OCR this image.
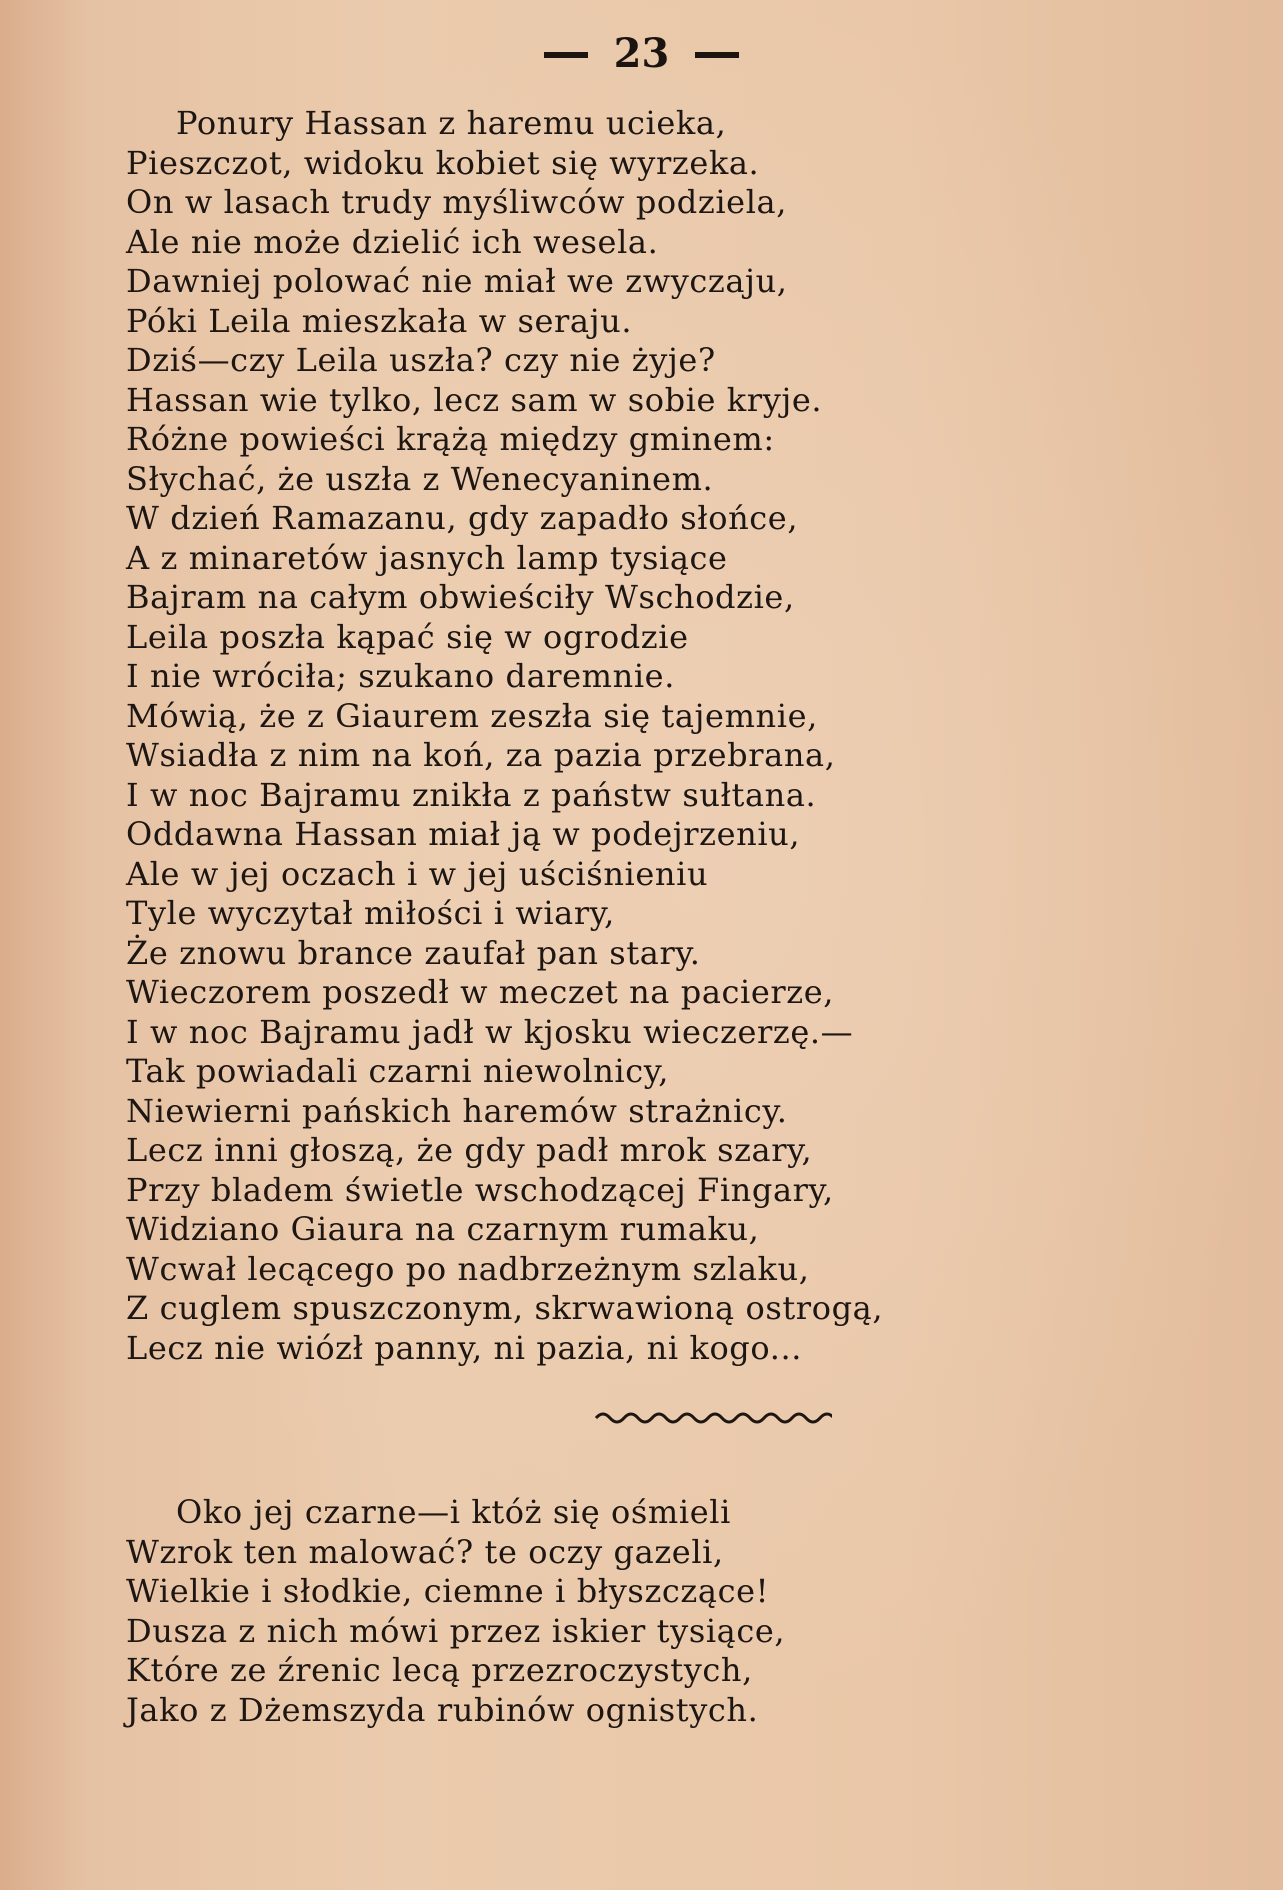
23
Ponury Hassan z haremu ucieka,
Pieszczot, widoku kobiet się wyrzeka.
On w lasach trudy myśliwców podziela,
Ale nie może dzielić ich wesela.
Dawniej polować nie miał we zwyczaju,
Póki Leila mieszkała w seraju.
Dziś—czy Leila uszła? czy nie żyje?
Hassan wie tylko, lecz sam w sobie kryje.
Różne powieści krążą między gminem:
Słychać, że uszła z Wenecyaninem.
W dzień Ramazanu, gdy zapadło słońce,
A z minaretów jasnych lamp tysiące
Bajram na całym obwieściły Wschodzie,
Leila poszła kąpać się w ogrodzie
I nie wróciła; szukano daremnie.
Mówią, że z Giaurem zeszła się tajemnie,
Wsiadła z nim na koń, za pazia przebrana,
I w noc Bajramu znikła z państw sułtana.
Oddawna Hassan miał ją w podejrzeniu,
Ale w jej oczach i w jej uściśnieniu
Tyle wyczytał miłości i wiary,
Że znowu brance zaufał pan stary.
Wieczorem poszedł w meczet na pacierze,
I w noc Bajramu jadł w kjosku wieczerzę.—
Tak powiadali czarni niewolnicy,
Niewierni pańskich haremów strażnicy.
Lecz inni głoszą, że gdy padł mrok szary,
Przy bladem świetle wschodzącej Fingary,
Widziano Giaura na czarnym rumaku,
Wcwał lecącego po nadbrzeżnym szlaku,
Z cuglem spuszczonym, skrwawioną ostrogą,
Lecz nie wiózł panny, ni pazia, ni kogo...
Oko jej czarne—i któż się ośmieli
Wzrok ten malować? te oczy gazeli,
Wielkie i słodkie, ciemne i błyszczące!
Dusza z nich mówi przez iskier tysiące,
Które ze źrenic lecą przezroczystych,
Jako z Dżemszyda rubinów ognistych.
